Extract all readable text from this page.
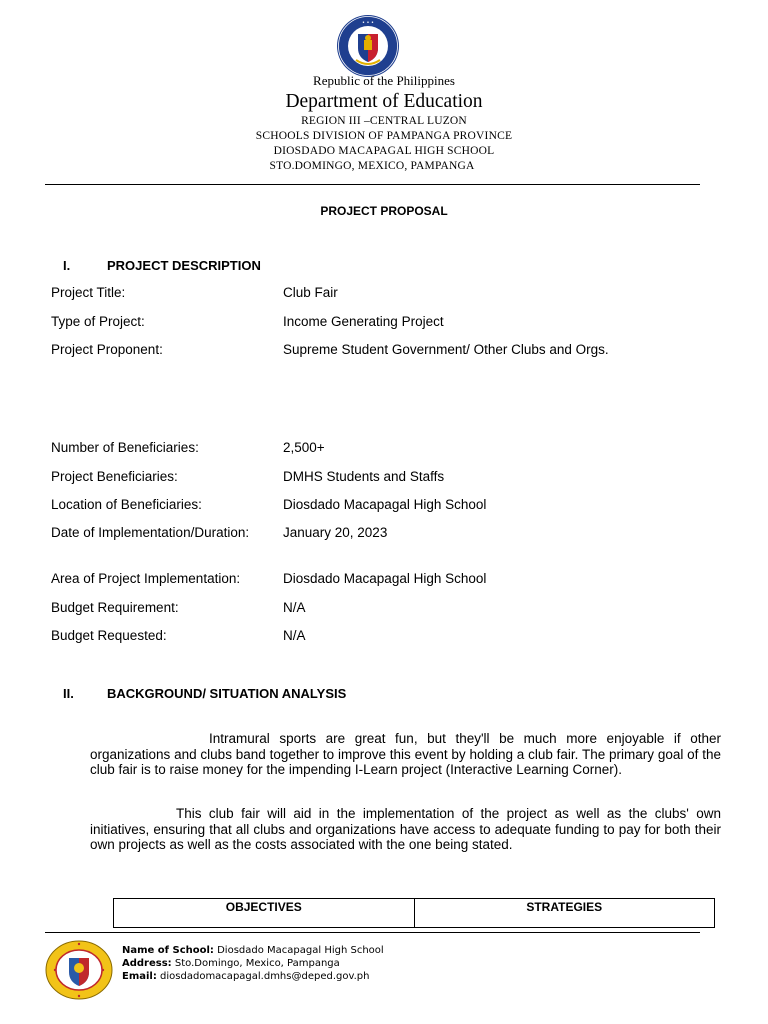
• • •
Republic of the Philippines
Department of Education
REGION III –CENTRAL LUZON
SCHOOLS DIVISION OF PAMPANGA PROVINCE
DIOSDADO MACAPAGAL HIGH SCHOOL
STO.DOMINGO, MEXICO, PAMPANGA
PROJECT PROPOSAL
I.	PROJECT DESCRIPTION
Project Title:	Club Fair
Type of Project:	Income Generating Project
Project Proponent:	Supreme Student Government/ Other Clubs and Orgs.
Number of Beneficiaries:	2,500+
Project Beneficiaries:	DMHS Students and Staffs
Location of Beneficiaries:	Diosdado Macapagal High School
Date of Implementation/Duration:	January 20, 2023
Area of Project Implementation:	Diosdado Macapagal High School
Budget Requirement:	N/A
Budget Requested:	N/A
II.	BACKGROUND/ SITUATION ANALYSIS
Intramural sports are great fun, but they'll be much more enjoyable if other organizations and clubs band together to improve this event by holding a club fair. The primary goal of the club fair is to raise money for the impending I-Learn project (Interactive Learning Corner).
This club fair will aid in the implementation of the project as well as the clubs' own initiatives, ensuring that all clubs and organizations have access to adequate funding to pay for both their own projects as well as the costs associated with the one being stated.
OBJECTIVES	STRATEGIES
Name of School: Diosdado Macapagal High School
Address: Sto.Domingo, Mexico, Pampanga
Email: diosdadomacapagal.dmhs@deped.gov.ph
